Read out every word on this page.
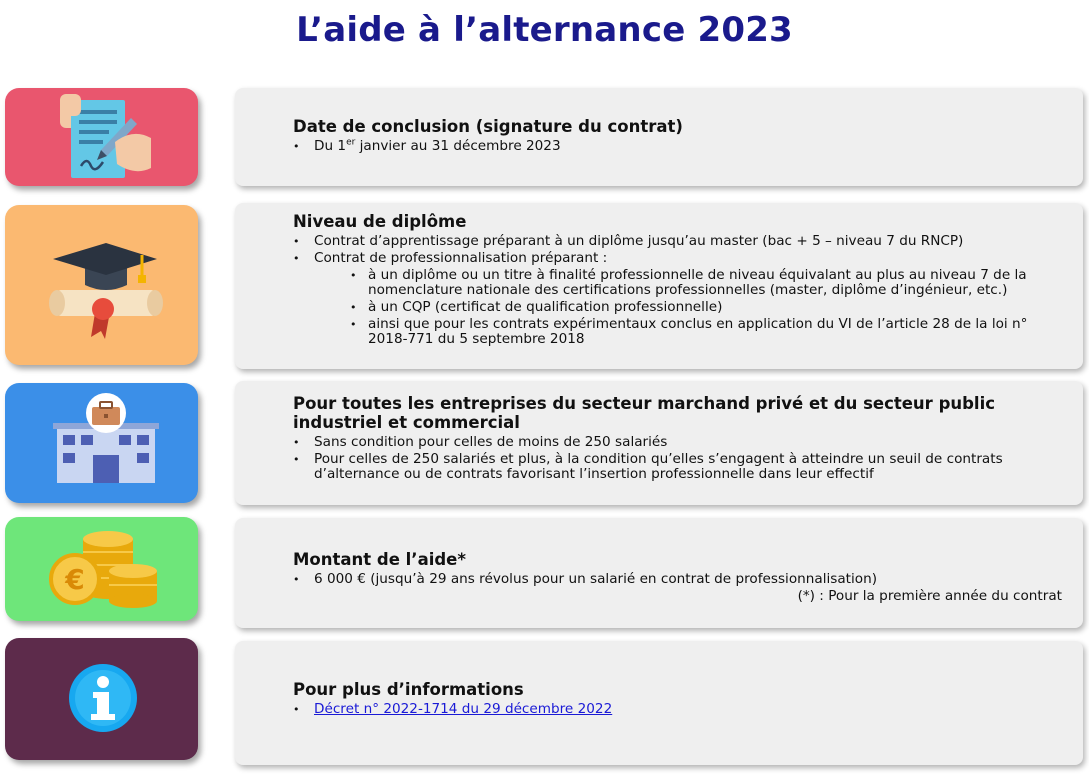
L’aide à l’alternance 2023
Date de conclusion (signature du contrat)
• Du 1er janvier au 31 décembre 2023
Niveau de diplôme
• Contrat d’apprentissage préparant à un diplôme jusqu’au master (bac + 5 – niveau 7 du RNCP)
• Contrat de professionnalisation préparant :
• à un diplôme ou un titre à finalité professionnelle de niveau équivalant au plus au niveau 7 de la nomenclature nationale des certifications professionnelles (master, diplôme d’ingénieur, etc.)
• à un CQP (certificat de qualification professionnelle)
• ainsi que pour les contrats expérimentaux conclus en application du VI de l’article 28 de la loi n° 2018-771 du 5 septembre 2018
Pour toutes les entreprises du secteur marchand privé et du secteur public industriel et commercial
• Sans condition pour celles de moins de 250 salariés
• Pour celles de 250 salariés et plus, à la condition qu’elles s’engagent à atteindre un seuil de contrats d’alternance ou de contrats favorisant l’insertion professionnelle dans leur effectif
€
Montant de l’aide*
• 6 000 € (jusqu’à 29 ans révolus pour un salarié en contrat de professionnalisation)
(*) : Pour la première année du contrat
Pour plus d’informations
• Décret n° 2022-1714 du 29 décembre 2022
